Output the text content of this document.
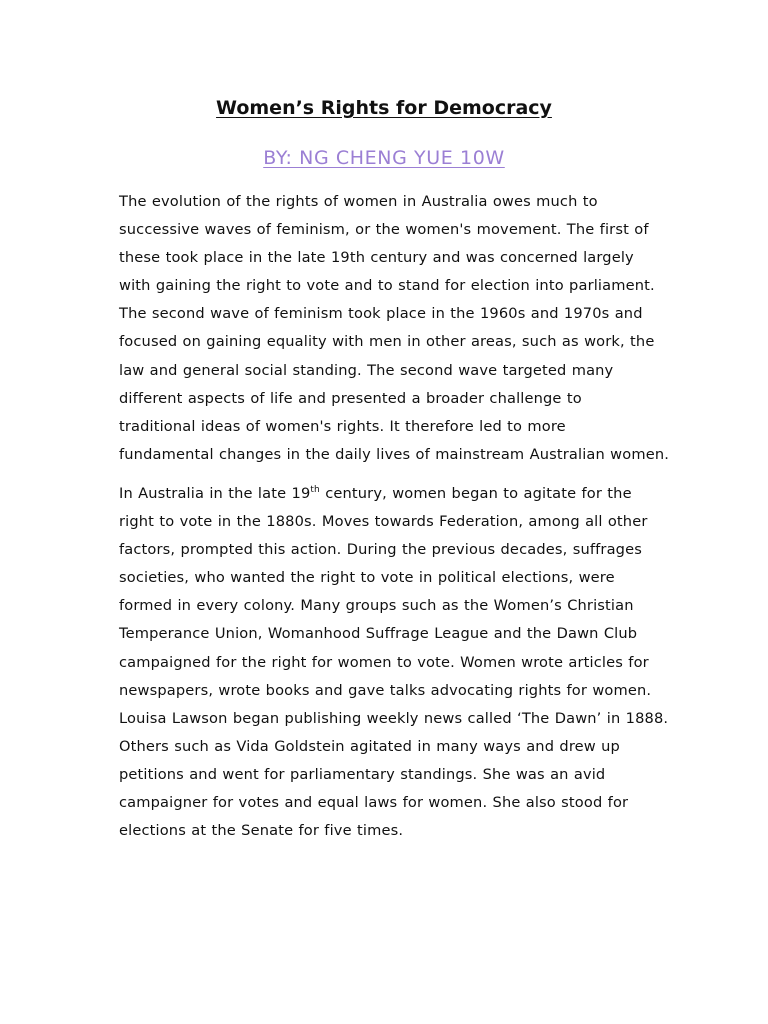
Women’s Rights for Democracy

BY: NG CHENG YUE 10W

The evolution of the rights of women in Australia owes much to
successive waves of feminism, or the women's movement. The first of
these took place in the late 19th century and was concerned largely
with gaining the right to vote and to stand for election into parliament.
The second wave of feminism took place in the 1960s and 1970s and
focused on gaining equality with men in other areas, such as work, the
law and general social standing. The second wave targeted many
different aspects of life and presented a broader challenge to
traditional ideas of women's rights. It therefore led to more
fundamental changes in the daily lives of mainstream Australian women.

In Australia in the late 19th century, women began to agitate for the
right to vote in the 1880s. Moves towards Federation, among all other
factors, prompted this action. During the previous decades, suffrages
societies, who wanted the right to vote in political elections, were
formed in every colony. Many groups such as the Women’s Christian
Temperance Union, Womanhood Suffrage League and the Dawn Club
campaigned for the right for women to vote. Women wrote articles for
newspapers, wrote books and gave talks advocating rights for women.
Louisa Lawson began publishing weekly news called ‘The Dawn’ in 1888.
Others such as Vida Goldstein agitated in many ways and drew up
petitions and went for parliamentary standings. She was an avid
campaigner for votes and equal laws for women. She also stood for
elections at the Senate for five times.
